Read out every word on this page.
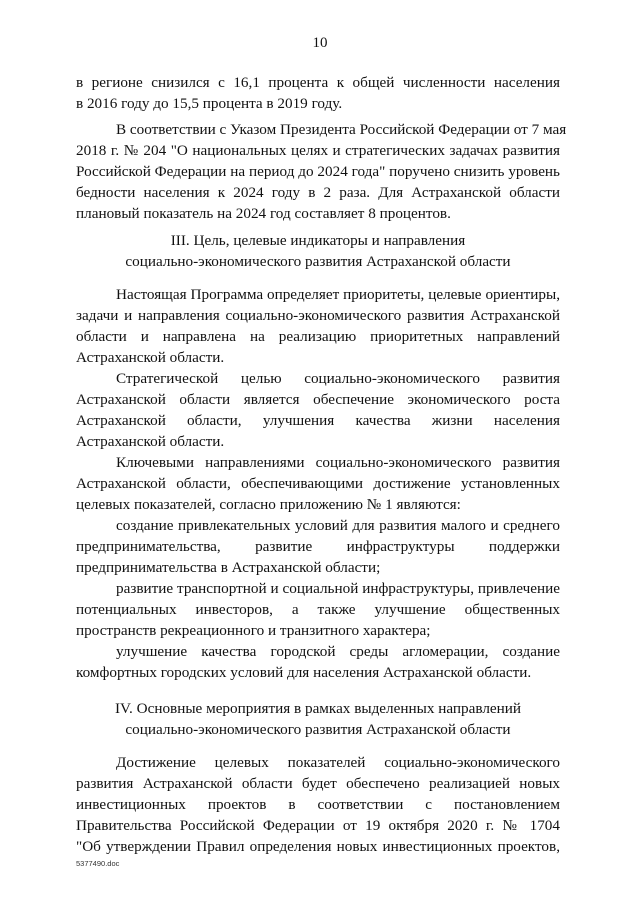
10
в регионе снизился с 16,1 процента к общей численности населения
в 2016 году до 15,5 процента в 2019 году.
В соответствии с Указом Президента Российской Федерации от 7 мая
2018 г. № 204 "О национальных целях и стратегических задачах развития
Российской Федерации на период до 2024 года" поручено снизить уровень
бедности населения к 2024 году в 2 раза. Для Астраханской области
плановый показатель на 2024 год составляет 8 процентов.
III. Цель, целевые индикаторы и направления
социально-экономического развития Астраханской области
Настоящая Программа определяет приоритеты, целевые ориентиры,
задачи и направления социально-экономического развития Астраханской
области и направлена на реализацию приоритетных направлений
Астраханской области.
Стратегической целью социально-экономического развития
Астраханской области является обеспечение экономического роста
Астраханской области, улучшения качества жизни населения
Астраханской области.
Ключевыми направлениями социально-экономического развития
Астраханской области, обеспечивающими достижение установленных
целевых показателей, согласно приложению № 1 являются:
создание привлекательных условий для развития малого и среднего
предпринимательства, развитие инфраструктуры поддержки
предпринимательства в Астраханской области;
развитие транспортной и социальной инфраструктуры, привлечение
потенциальных инвесторов, а также улучшение общественных
пространств рекреационного и транзитного характера;
улучшение качества городской среды агломерации, создание
комфортных городских условий для населения Астраханской области.
IV. Основные мероприятия в рамках выделенных направлений
социально-экономического развития Астраханской области
Достижение целевых показателей социально-экономического
развития Астраханской области будет обеспечено реализацией новых
инвестиционных проектов в соответствии с постановлением
Правительства Российской Федерации от 19 октября 2020 г. № 1704
"Об утверждении Правил определения новых инвестиционных проектов,
5377490.doc
